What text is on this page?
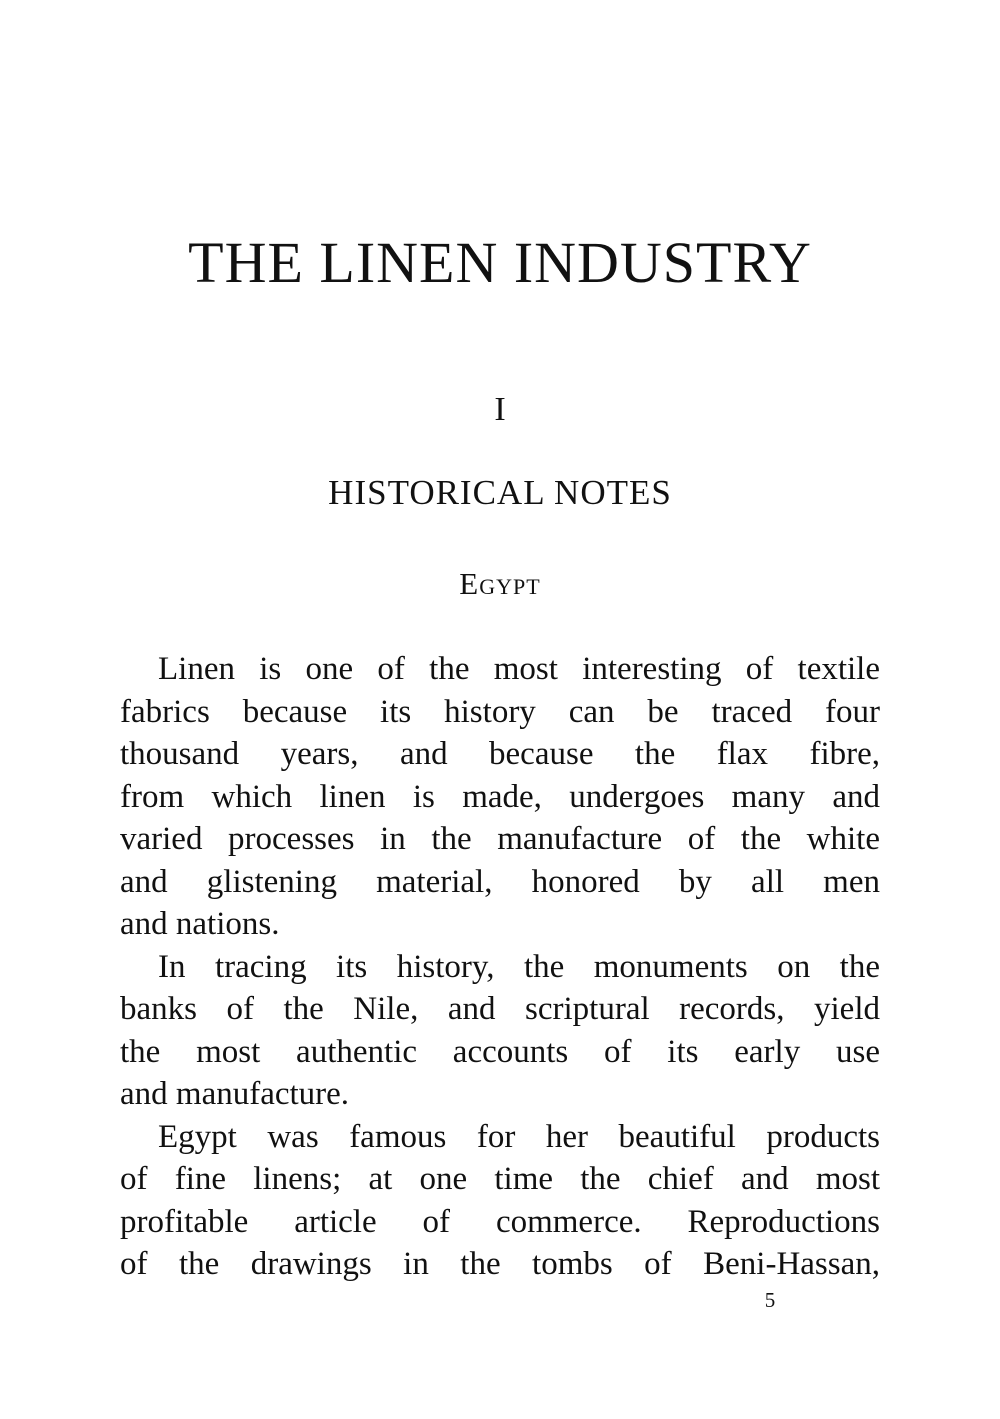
THE LINEN INDUSTRY
I
HISTORICAL NOTES
Egypt

Linen is one of the most interesting of textile
fabrics because its history can be traced four
thousand years, and because the flax fibre,
from which linen is made, undergoes many and
varied processes in the manufacture of the white
and glistening material, honored by all men
and nations.

In tracing its history, the monuments on the
banks of the Nile, and scriptural records, yield
the most authentic accounts of its early use
and manufacture.

Egypt was famous for her beautiful products
of fine linens; at one time the chief and most
profitable article of commerce. Reproductions
of the drawings in the tombs of Beni-Hassan,

5
